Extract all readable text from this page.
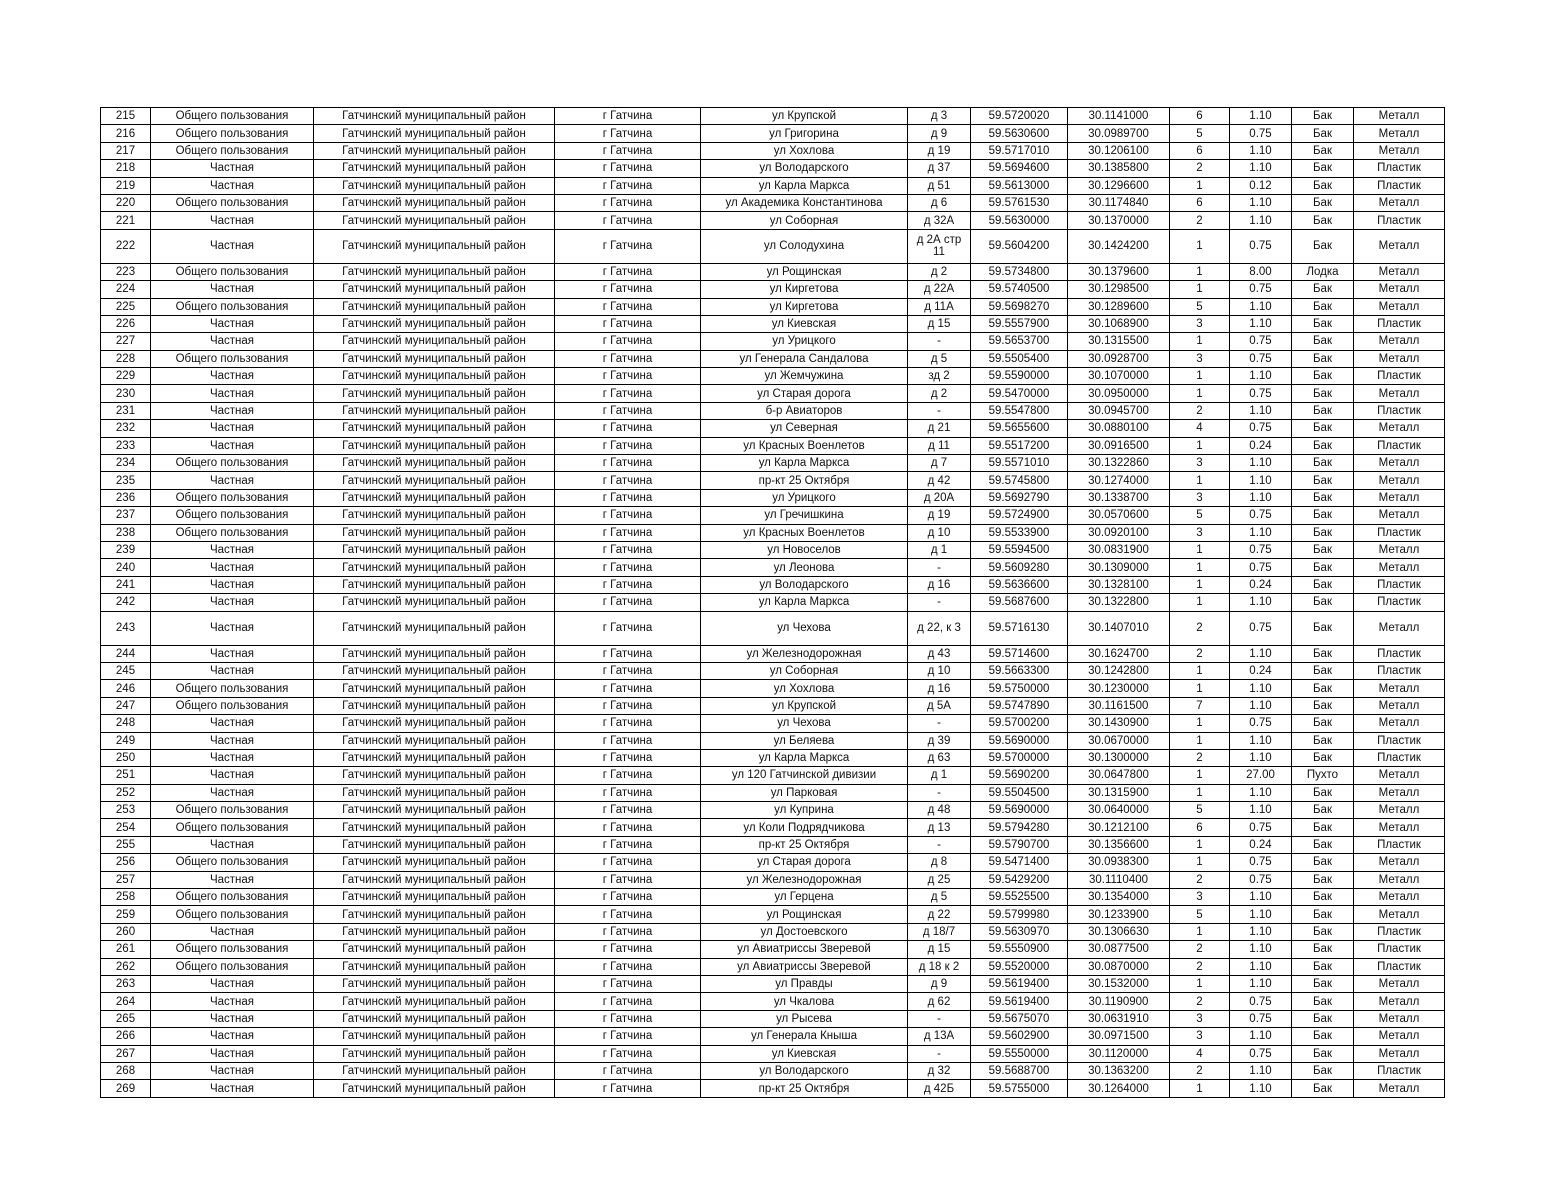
215	Общего пользования	Гатчинский муниципальный район	г Гатчина	ул Крупской	д 3	59.5720020	30.1141000	6	1.10	Бак	Металл
216	Общего пользования	Гатчинский муниципальный район	г Гатчина	ул Григорина	д 9	59.5630600	30.0989700	5	0.75	Бак	Металл
217	Общего пользования	Гатчинский муниципальный район	г Гатчина	ул Хохлова	д 19	59.5717010	30.1206100	6	1.10	Бак	Металл
218	Частная	Гатчинский муниципальный район	г Гатчина	ул Володарского	д 37	59.5694600	30.1385800	2	1.10	Бак	Пластик
219	Частная	Гатчинский муниципальный район	г Гатчина	ул Карла Маркса	д 51	59.5613000	30.1296600	1	0.12	Бак	Пластик
220	Общего пользования	Гатчинский муниципальный район	г Гатчина	ул Академика Константинова	д 6	59.5761530	30.1174840	6	1.10	Бак	Металл
221	Частная	Гатчинский муниципальный район	г Гатчина	ул Соборная	д 32А	59.5630000	30.1370000	2	1.10	Бак	Пластик
222	Частная	Гатчинский муниципальный район	г Гатчина	ул Солодухина	д 2А стр 11	59.5604200	30.1424200	1	0.75	Бак	Металл
223	Общего пользования	Гатчинский муниципальный район	г Гатчина	ул Рощинская	д 2	59.5734800	30.1379600	1	8.00	Лодка	Металл
224	Частная	Гатчинский муниципальный район	г Гатчина	ул Киргетова	д 22А	59.5740500	30.1298500	1	0.75	Бак	Металл
225	Общего пользования	Гатчинский муниципальный район	г Гатчина	ул Киргетова	д 11А	59.5698270	30.1289600	5	1.10	Бак	Металл
226	Частная	Гатчинский муниципальный район	г Гатчина	ул Киевская	д 15	59.5557900	30.1068900	3	1.10	Бак	Пластик
227	Частная	Гатчинский муниципальный район	г Гатчина	ул Урицкого	-	59.5653700	30.1315500	1	0.75	Бак	Металл
228	Общего пользования	Гатчинский муниципальный район	г Гатчина	ул Генерала Сандалова	д 5	59.5505400	30.0928700	3	0.75	Бак	Металл
229	Частная	Гатчинский муниципальный район	г Гатчина	ул Жемчужина	зд 2	59.5590000	30.1070000	1	1.10	Бак	Пластик
230	Частная	Гатчинский муниципальный район	г Гатчина	ул Старая дорога	д 2	59.5470000	30.0950000	1	0.75	Бак	Металл
231	Частная	Гатчинский муниципальный район	г Гатчина	б-р Авиаторов	-	59.5547800	30.0945700	2	1.10	Бак	Пластик
232	Частная	Гатчинский муниципальный район	г Гатчина	ул Северная	д 21	59.5655600	30.0880100	4	0.75	Бак	Металл
233	Частная	Гатчинский муниципальный район	г Гатчина	ул Красных Военлетов	д 11	59.5517200	30.0916500	1	0.24	Бак	Пластик
234	Общего пользования	Гатчинский муниципальный район	г Гатчина	ул Карла Маркса	д 7	59.5571010	30.1322860	3	1.10	Бак	Металл
235	Частная	Гатчинский муниципальный район	г Гатчина	пр-кт 25 Октября	д 42	59.5745800	30.1274000	1	1.10	Бак	Металл
236	Общего пользования	Гатчинский муниципальный район	г Гатчина	ул Урицкого	д 20А	59.5692790	30.1338700	3	1.10	Бак	Металл
237	Общего пользования	Гатчинский муниципальный район	г Гатчина	ул Гречишкина	д 19	59.5724900	30.0570600	5	0.75	Бак	Металл
238	Общего пользования	Гатчинский муниципальный район	г Гатчина	ул Красных Военлетов	д 10	59.5533900	30.0920100	3	1.10	Бак	Пластик
239	Частная	Гатчинский муниципальный район	г Гатчина	ул Новоселов	д 1	59.5594500	30.0831900	1	0.75	Бак	Металл
240	Частная	Гатчинский муниципальный район	г Гатчина	ул Леонова	-	59.5609280	30.1309000	1	0.75	Бак	Металл
241	Частная	Гатчинский муниципальный район	г Гатчина	ул Володарского	д 16	59.5636600	30.1328100	1	0.24	Бак	Пластик
242	Частная	Гатчинский муниципальный район	г Гатчина	ул Карла Маркса	-	59.5687600	30.1322800	1	1.10	Бак	Пластик
243	Частная	Гатчинский муниципальный район	г Гатчина	ул Чехова	д 22, к 3	59.5716130	30.1407010	2	0.75	Бак	Металл
244	Частная	Гатчинский муниципальный район	г Гатчина	ул Железнодорожная	д 43	59.5714600	30.1624700	2	1.10	Бак	Пластик
245	Частная	Гатчинский муниципальный район	г Гатчина	ул Соборная	д 10	59.5663300	30.1242800	1	0.24	Бак	Пластик
246	Общего пользования	Гатчинский муниципальный район	г Гатчина	ул Хохлова	д 16	59.5750000	30.1230000	1	1.10	Бак	Металл
247	Общего пользования	Гатчинский муниципальный район	г Гатчина	ул Крупской	д 5А	59.5747890	30.1161500	7	1.10	Бак	Металл
248	Частная	Гатчинский муниципальный район	г Гатчина	ул Чехова	-	59.5700200	30.1430900	1	0.75	Бак	Металл
249	Частная	Гатчинский муниципальный район	г Гатчина	ул Беляева	д 39	59.5690000	30.0670000	1	1.10	Бак	Пластик
250	Частная	Гатчинский муниципальный район	г Гатчина	ул Карла Маркса	д 63	59.5700000	30.1300000	2	1.10	Бак	Пластик
251	Частная	Гатчинский муниципальный район	г Гатчина	ул 120 Гатчинской дивизии	д 1	59.5690200	30.0647800	1	27.00	Пухто	Металл
252	Частная	Гатчинский муниципальный район	г Гатчина	ул Парковая	-	59.5504500	30.1315900	1	1.10	Бак	Металл
253	Общего пользования	Гатчинский муниципальный район	г Гатчина	ул Куприна	д 48	59.5690000	30.0640000	5	1.10	Бак	Металл
254	Общего пользования	Гатчинский муниципальный район	г Гатчина	ул Коли Подрядчикова	д 13	59.5794280	30.1212100	6	0.75	Бак	Металл
255	Частная	Гатчинский муниципальный район	г Гатчина	пр-кт 25 Октября	-	59.5790700	30.1356600	1	0.24	Бак	Пластик
256	Общего пользования	Гатчинский муниципальный район	г Гатчина	ул Старая дорога	д 8	59.5471400	30.0938300	1	0.75	Бак	Металл
257	Частная	Гатчинский муниципальный район	г Гатчина	ул Железнодорожная	д 25	59.5429200	30.1110400	2	0.75	Бак	Металл
258	Общего пользования	Гатчинский муниципальный район	г Гатчина	ул Герцена	д 5	59.5525500	30.1354000	3	1.10	Бак	Металл
259	Общего пользования	Гатчинский муниципальный район	г Гатчина	ул Рощинская	д 22	59.5799980	30.1233900	5	1.10	Бак	Металл
260	Частная	Гатчинский муниципальный район	г Гатчина	ул Достоевского	д 18/7	59.5630970	30.1306630	1	1.10	Бак	Пластик
261	Общего пользования	Гатчинский муниципальный район	г Гатчина	ул Авиатриссы Зверевой	д 15	59.5550900	30.0877500	2	1.10	Бак	Пластик
262	Общего пользования	Гатчинский муниципальный район	г Гатчина	ул Авиатриссы Зверевой	д 18 к 2	59.5520000	30.0870000	2	1.10	Бак	Пластик
263	Частная	Гатчинский муниципальный район	г Гатчина	ул Правды	д 9	59.5619400	30.1532000	1	1.10	Бак	Металл
264	Частная	Гатчинский муниципальный район	г Гатчина	ул Чкалова	д 62	59.5619400	30.1190900	2	0.75	Бак	Металл
265	Частная	Гатчинский муниципальный район	г Гатчина	ул Рысева	-	59.5675070	30.0631910	3	0.75	Бак	Металл
266	Частная	Гатчинский муниципальный район	г Гатчина	ул Генерала Кныша	д 13А	59.5602900	30.0971500	3	1.10	Бак	Металл
267	Частная	Гатчинский муниципальный район	г Гатчина	ул Киевская	-	59.5550000	30.1120000	4	0.75	Бак	Металл
268	Частная	Гатчинский муниципальный район	г Гатчина	ул Володарского	д 32	59.5688700	30.1363200	2	1.10	Бак	Пластик
269	Частная	Гатчинский муниципальный район	г Гатчина	пр-кт 25 Октября	д 42Б	59.5755000	30.1264000	1	1.10	Бак	Металл
